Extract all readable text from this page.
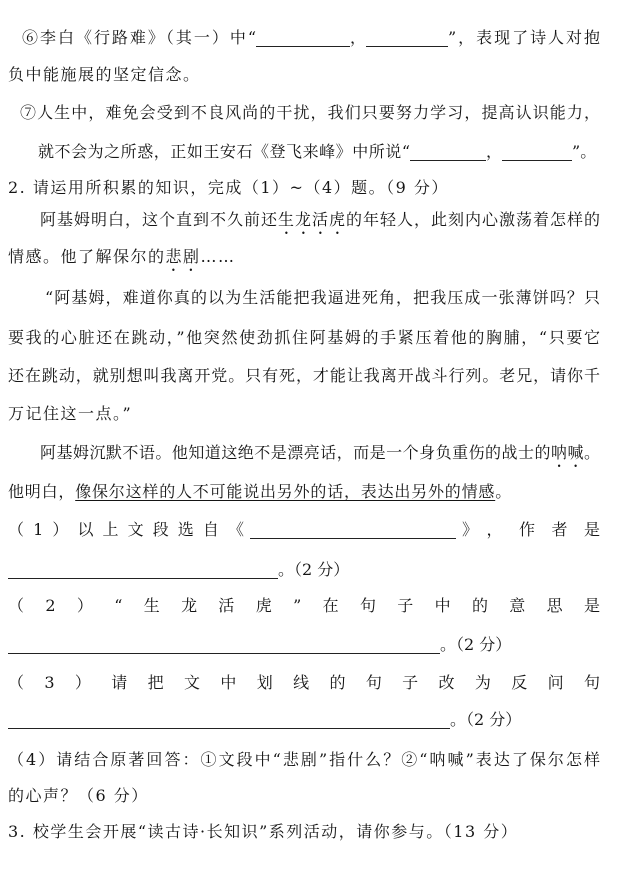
⑥李白《行路难》（其一）中“	，	”，表现了诗人对抱
负中能施展的坚定信念。
⑦人生中，难免会受到不良风尚的干扰，我们只要努力学习，提高认识能力，
就不会为之所惑，正如王安石《登飞来峰》中所说“	，	”。
2. 请运用所积累的知识，完成（1）~（4）题。（9 分）
阿基姆明白，这个直到不久前还生龙活虎的年轻人，此刻内心激荡着怎样的
情感。他了解保尔的悲剧……
“阿基姆，难道你真的以为生活能把我逼进死角，把我压成一张薄饼吗？只
要我的心脏还在跳动，”他突然使劲抓住阿基姆的手紧压着他的胸脯，“只要它
还在跳动，就别想叫我离开党。只有死，才能让我离开战斗行列。老兄，请你千
万记住这一点。”
阿基姆沉默不语。他知道这绝不是漂亮话，而是一个身负重伤的战士的呐喊。
他明白，像保尔这样的人不可能说出另外的话，表达出另外的情感。
（1）以上文段选自《	》，作者是
。（2 分）
（2）“生龙活虎”在句子中的意思是
。（2 分）
（3）请把文中划线的句子改为反问句
。（2 分）
（4）请结合原著回答：①文段中“悲剧”指什么？②“呐喊”表达了保尔怎样
的心声？（6 分）
3. 校学生会开展“读古诗·长知识”系列活动，请你参与。（13 分）
